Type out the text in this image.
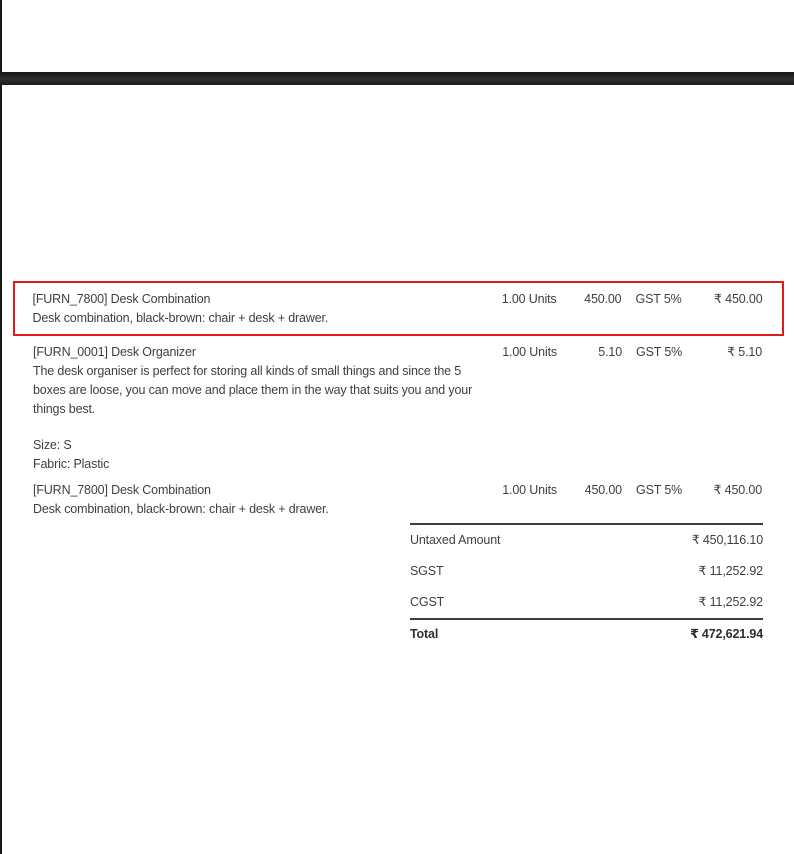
[FURN_7800] Desk Combination
Desk combination, black-brown: chair + desk + drawer.
1.00 Units	450.00	GST 5%	₹ 450.00
[FURN_0001] Desk Organizer
The desk organiser is perfect for storing all kinds of small things and since the 5
boxes are loose, you can move and place them in the way that suits you and your
things best.
Size: S
Fabric: Plastic
1.00 Units	5.10	GST 5%	₹ 5.10
[FURN_7800] Desk Combination
Desk combination, black-brown: chair + desk + drawer.
1.00 Units	450.00	GST 5%	₹ 450.00
Untaxed Amount	₹ 450,116.10
SGST	₹ 11,252.92
CGST	₹ 11,252.92
Total	₹ 472,621.94
